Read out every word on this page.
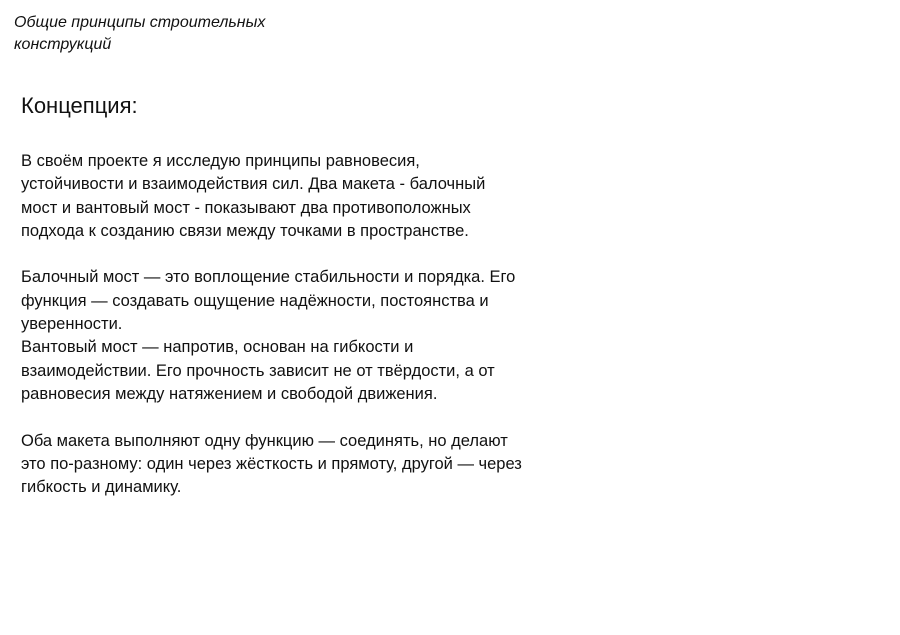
Общие принципы строительных
конструкций
Концепция:

В своём проекте я исследую принципы равновесия,
устойчивости и взаимодействия сил. Два макета - балочный
мост и вантовый мост - показывают два противоположных
подхода к созданию связи между точками в пространстве.

Балочный мост — это воплощение стабильности и порядка. Его
функция — создавать ощущение надёжности, постоянства и
уверенности.

Вантовый мост — напротив, основан на гибкости и
взаимодействии. Его прочность зависит не от твёрдости, а от
равновесия между натяжением и свободой движения.

Оба макета выполняют одну функцию — соединять, но делают
это по-разному: один через жёсткость и прямоту, другой — через
гибкость и динамику.
